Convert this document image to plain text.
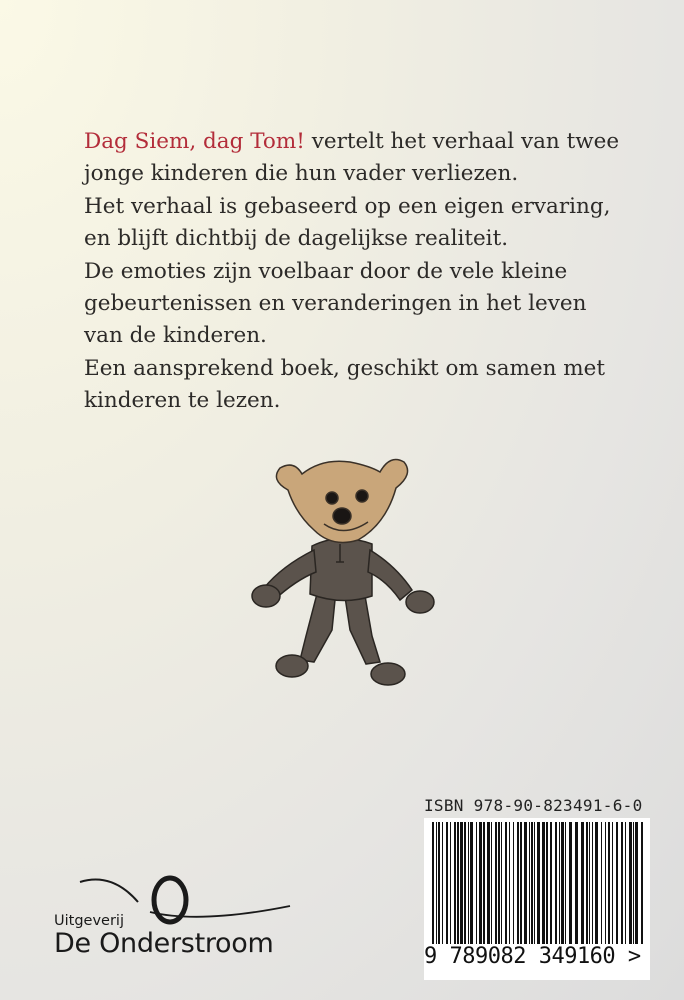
Dag Siem, dag Tom! vertelt het verhaal van twee
jonge kinderen die hun vader verliezen.
Het verhaal is gebaseerd op een eigen ervaring,
en blijft dichtbij de dagelijkse realiteit.
De emoties zijn voelbaar door de vele kleine
gebeurtenissen en veranderingen in het leven
van de kinderen.
Een aansprekend boek, geschikt om samen met
kinderen te lezen.
ISBN 978-90-823491-6-0
9 789082 349160 >
Uitgeverij
De Onderstroom
